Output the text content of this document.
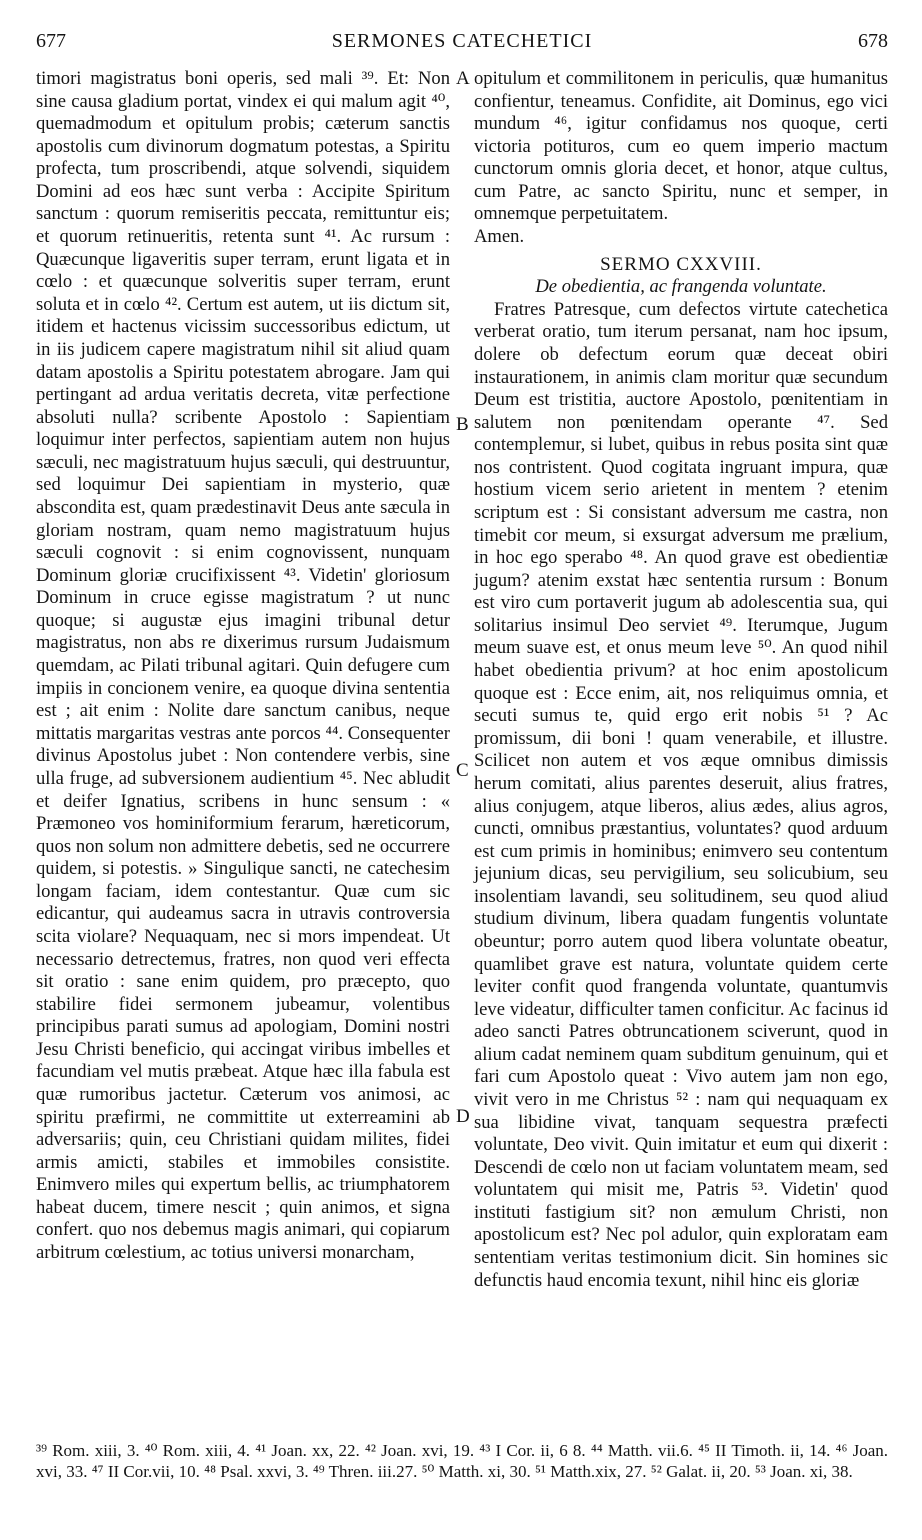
677	SERMONES CATECHETICI	678

timori magistratus boni operis, sed mali ³⁹. Et: Non sine causa gladium portat, vindex ei qui malum agit ⁴⁰, quemadmodum et opitulum probis; cæterum sanctis apostolis cum divinorum dogmatum potestas, a Spiritu profecta, tum proscribendi, atque solvendi, siquidem Domini ad eos hæc sunt verba : Accipite Spiritum sanctum : quorum remiseritis peccata, remittuntur eis; et quorum retinueritis, retenta sunt ⁴¹. Ac rursum : Quæcunque ligaveritis super terram, erunt ligata et in cœlo : et quæcunque solveritis super terram, erunt soluta et in cœlo ⁴². Certum est autem, ut iis dictum sit, itidem et hactenus vicissim successoribus edictum, ut in iis judicem capere magistratum nihil sit aliud quam datam apostolis a Spiritu potestatem abrogare. Jam qui pertingant ad ardua veritatis decreta, vitæ perfectione absoluti nulla? scribente Apostolo : Sapientiam loquimur inter perfectos, sapientiam autem non hujus sæculi, nec magistratuum hujus sæculi, qui destruuntur, sed loquimur Dei sapientiam in mysterio, quæ abscondita est, quam prædestinavit Deus ante sæcula in gloriam nostram, quam nemo magistratuum hujus sæculi cognovit : si enim cognovissent, nunquam Dominum gloriæ crucifixissent ⁴³. Videtin' gloriosum Dominum in cruce egisse magistratum ? ut nunc quoque; si augustæ ejus imagini tribunal detur magistratus, non abs re dixerimus rursum Judaismum quemdam, ac Pilati tribunal agitari. Quin defugere cum impiis in concionem venire, ea quoque divina sententia est ; ait enim : Nolite dare sanctum canibus, neque mittatis margaritas vestras ante porcos ⁴⁴. Consequenter divinus Apostolus jubet : Non contendere verbis, sine ulla fruge, ad subversionem audientium ⁴⁵. Nec abludit et deifer Ignatius, scribens in hunc sensum : « Præmoneo vos hominiformium ferarum, hæreticorum, quos non solum non admittere debetis, sed ne occurrere quidem, si potestis. » Singulique sancti, ne catechesim longam faciam, idem contestantur. Quæ cum sic edicantur, qui audeamus sacra in utravis controversia scita violare? Nequaquam, nec si mors impendeat. Ut necessario detrectemus, fratres, non quod veri effecta sit oratio : sane enim quidem, pro præcepto, quo stabilire fidei sermonem jubeamur, volentibus principibus parati sumus ad apologiam, Domini nostri Jesu Christi beneficio, qui accingat viribus imbelles et facundiam vel mutis præbeat. Atque hæc illa fabula est quæ rumoribus jactetur. Cæterum vos animosi, ac spiritu præfirmi, ne committite ut exterreamini ab adversariis; quin, ceu Christiani quidam milites, fidei armis amicti, stabiles et immobiles consistite. Enimvero miles qui expertum bellis, ac triumphatorem habeat ducem, timere nescit ; quin animos, et signa confert. quo nos debemus magis animari, qui copiarum arbitrum cœlestium, ac totius universi monarcham,

opitulum et commilitonem in periculis, quæ humanitus confientur, teneamus. Confidite, ait Dominus, ego vici mundum ⁴⁶, igitur confidamus nos quoque, certi victoria potituros, cum eo quem imperio mactum cunctorum omnis gloria decet, et honor, atque cultus, cum Patre, ac sancto Spiritu, nunc et semper, in omnemque perpetuitatem.

Amen.

SERMO CXXVIII.

De obedientia, ac frangenda voluntate.

Fratres Patresque, cum defectos virtute catechetica verberat oratio, tum iterum persanat, nam hoc ipsum, dolere ob defectum eorum quæ deceat obiri instaurationem, in animis clam moritur quæ secundum Deum est tristitia, auctore Apostolo, pœnitentiam in salutem non pœnitendam operante ⁴⁷. Sed contemplemur, si lubet, quibus in rebus posita sint quæ nos contristent. Quod cogitata ingruant impura, quæ hostium vicem serio arietent in mentem ? etenim scriptum est : Si consistant adversum me castra, non timebit cor meum, si exsurgat adversum me prælium, in hoc ego sperabo ⁴⁸. An quod grave est obedientiæ jugum? atenim exstat hæc sententia rursum : Bonum est viro cum portaverit jugum ab adolescentia sua, qui solitarius insimul Deo serviet ⁴⁹. Iterumque, Jugum meum suave est, et onus meum leve ⁵⁰. An quod nihil habet obedientia privum? at hoc enim apostolicum quoque est : Ecce enim, ait, nos reliquimus omnia, et secuti sumus te, quid ergo erit nobis ⁵¹ ? Ac promissum, dii boni ! quam venerabile, et illustre. Scilicet non autem et vos æque omnibus dimissis herum comitati, alius parentes deseruit, alius fratres, alius conjugem, atque liberos, alius ædes, alius agros, cuncti, omnibus præstantius, voluntates? quod arduum est cum primis in hominibus; enimvero seu contentum jejunium dicas, seu pervigilium, seu solicubium, seu insolentiam lavandi, seu solitudinem, seu quod aliud studium divinum, libera quadam fungentis voluntate obeuntur; porro autem quod libera voluntate obeatur, quamlibet grave est natura, voluntate quidem certe leviter confit quod frangenda voluntate, quantumvis leve videatur, difficulter tamen conficitur. Ac facinus id adeo sancti Patres obtruncationem sciverunt, quod in alium cadat neminem quam subditum genuinum, qui et fari cum Apostolo queat : Vivo autem jam non ego, vivit vero in me Christus ⁵² : nam qui nequaquam ex sua libidine vivat, tanquam sequestra præfecti voluntate, Deo vivit. Quin imitatur et eum qui dixerit : Descendi de cœlo non ut faciam voluntatem meam, sed voluntatem qui misit me, Patris ⁵³. Videtin' quod instituti fastigium sit? non æmulum Christi, non apostolicum est? Nec pol adulor, quin exploratam eam sententiam veritas testimonium dicit. Sin homines sic defunctis haud encomia texunt, nihil hinc eis gloriæ

A
B
C
D

³⁹ Rom. xiii, 3. ⁴⁰ Rom. xiii, 4. ⁴¹ Joan. xx, 22. ⁴² Joan. xvi, 19. ⁴³ I Cor. ii, 6 8. ⁴⁴ Matth. vii.6. ⁴⁵ II Timoth. ii, 14. ⁴⁶ Joan. xvi, 33. ⁴⁷ II Cor.vii, 10. ⁴⁸ Psal. xxvi, 3. ⁴⁹ Thren. iii.27. ⁵⁰ Matth. xi, 30. ⁵¹ Matth.xix, 27. ⁵² Galat. ii, 20. ⁵³ Joan. xi, 38.
